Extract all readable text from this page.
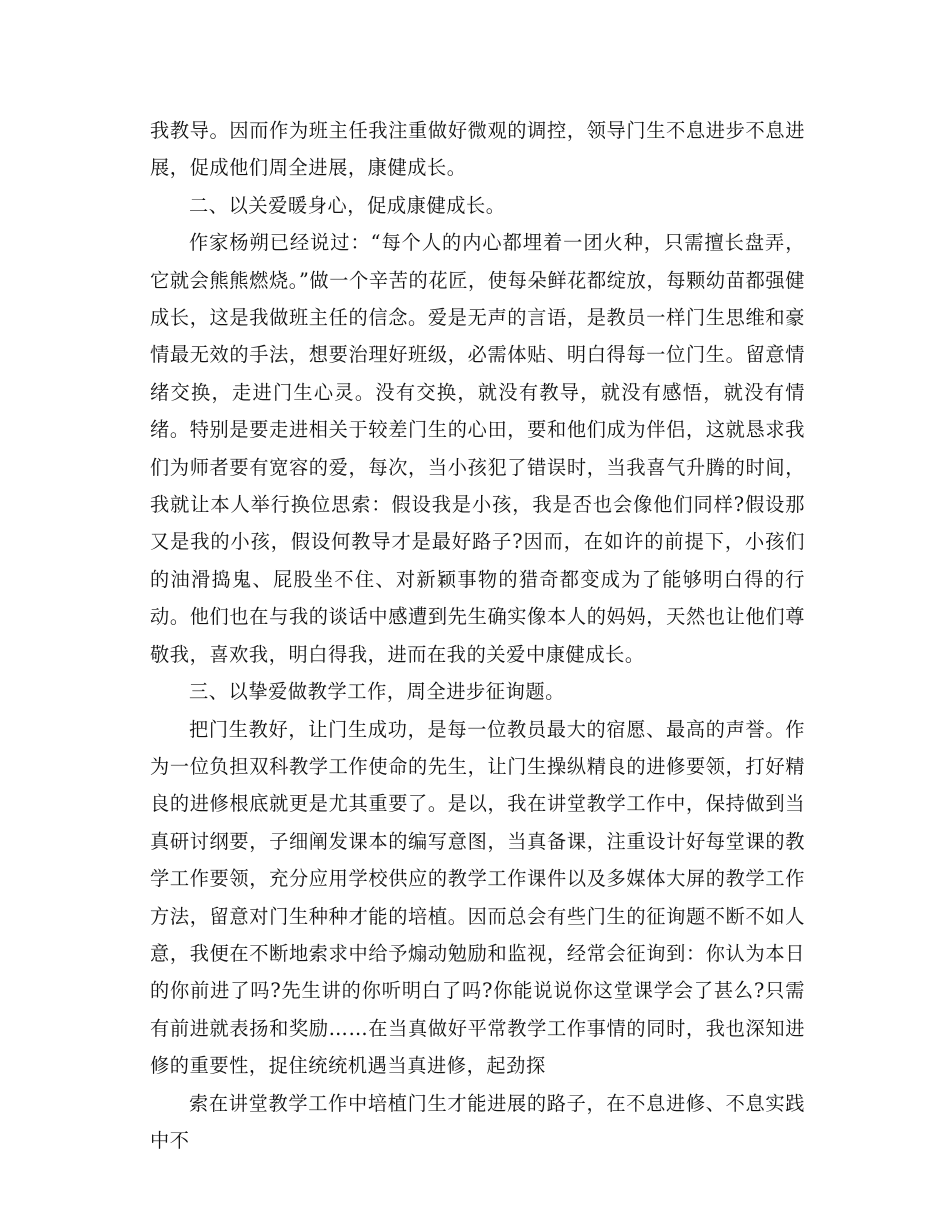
我教导。因而作为班主任我注重做好微观的调控，领导门生不息进步不息进展，促成他们周全进展，康健成长。

二、以关爱暖身心，促成康健成长。

作家杨朔已经说过：“每个人的内心都埋着一团火种，只需擅长盘弄，它就会熊熊燃烧。”做一个辛苦的花匠，使每朵鲜花都绽放，每颗幼苗都强健成长，这是我做班主任的信念。爱是无声的言语，是教员一样门生思维和豪情最无效的手法，想要治理好班级，必需体贴、明白得每一位门生。留意情绪交换，走进门生心灵。没有交换，就没有教导，就没有感悟，就没有情绪。特别是要走进相关于较差门生的心田，要和他们成为伴侣，这就恳求我们为师者要有宽容的爱，每次，当小孩犯了错误时，当我喜气升腾的时间，我就让本人举行换位思索：假设我是小孩，我是否也会像他们同样?假设那又是我的小孩，假设何教导才是最好路子?因而，在如许的前提下，小孩们的油滑捣鬼、屁股坐不住、对新颖事物的猎奇都变成为了能够明白得的行动。他们也在与我的谈话中感遭到先生确实像本人的妈妈，天然也让他们尊敬我，喜欢我，明白得我，进而在我的关爱中康健成长。

三、以挚爱做教学工作，周全进步征询题。

把门生教好，让门生成功，是每一位教员最大的宿愿、最高的声誉。作为一位负担双科教学工作使命的先生，让门生操纵精良的进修要领，打好精良的进修根底就更是尤其重要了。是以，我在讲堂教学工作中，保持做到当真研讨纲要，子细阐发课本的编写意图，当真备课，注重设计好每堂课的教学工作要领，充分应用学校供应的教学工作课件以及多媒体大屏的教学工作方法，留意对门生种种才能的培植。因而总会有些门生的征询题不断不如人意，我便在不断地索求中给予煽动勉励和监视，经常会征询到：你认为本日的你前进了吗?先生讲的你听明白了吗?你能说说你这堂课学会了甚么?只需有前进就表扬和奖励……在当真做好平常教学工作事情的同时，我也深知进修的重要性，捉住统统机遇当真进修，起劲探

索在讲堂教学工作中培植门生才能进展的路子，在不息进修、不息实践中不
